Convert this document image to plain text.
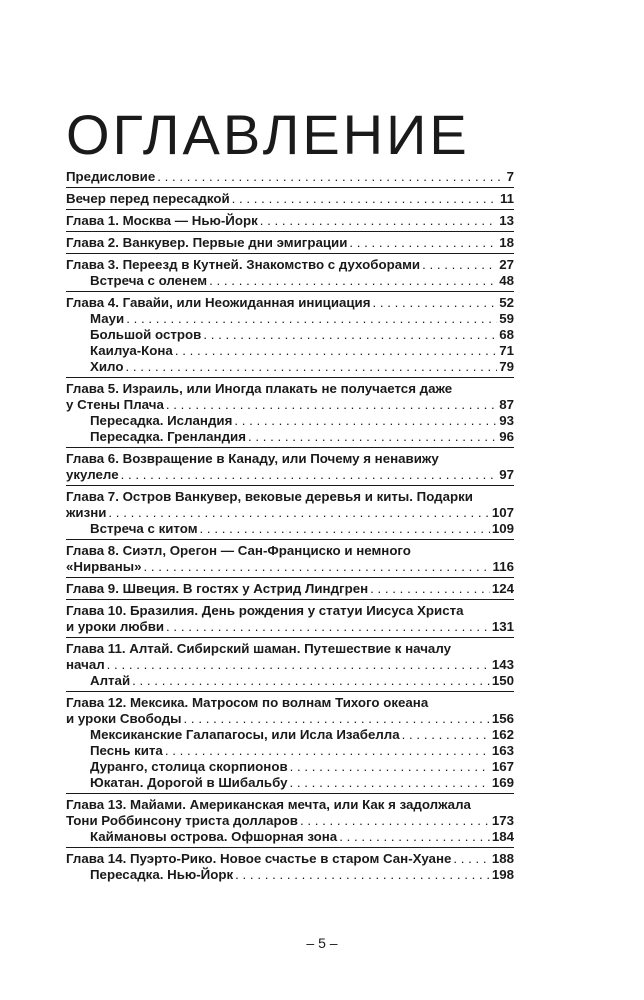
ОГЛАВЛЕНИЕ
Предисловие . . .	7
Вечер перед пересадкой . . .	11
Глава 1. Москва — Нью-Йорк . . .	13
Глава 2. Ванкувер. Первые дни эмиграции . . .	18
Глава 3. Переезд в Кутней. Знакомство с духоборами . . .	27
Встреча с оленем . . .	48
Глава 4. Гавайи, или Неожиданная инициация . . .	52
Мауи . . .	59
Большой остров . . .	68
Каилуа-Кона . . .	71
Хило . . .	79
Глава 5. Израиль, или Иногда плакать не получается даже
у Стены Плача . . .	87
Пересадка. Исландия . . .	93
Пересадка. Гренландия . . .	96
Глава 6. Возвращение в Канаду, или Почему я ненавижу
укулеле . . .	97
Глава 7. Остров Ванкувер, вековые деревья и киты. Подарки
жизни . . .	107
Встреча с китом . . .	109
Глава 8. Сиэтл, Орегон — Сан-Франциско и немного
«Нирваны» . . .	116
Глава 9. Швеция. В гостях у Астрид Линдгрен . . .	124
Глава 10. Бразилия. День рождения у статуи Иисуса Христа
и уроки любви . . .	131
Глава 11. Алтай. Сибирский шаман. Путешествие к началу
начал . . .	143
Алтай . . .	150
Глава 12. Мексика. Матросом по волнам Тихого океана
и уроки Свободы . . .	156
Мексиканские Галапагосы, или Исла Изабелла . . .	162
Песнь кита . . .	163
Дуранго, столица скорпионов . . .	167
Юкатан. Дорогой в Шибальбу . . .	169
Глава 13. Майами. Американская мечта, или Как я задолжала
Тони Роббинсону триста долларов . . .	173
Каймановы острова. Офшорная зона . . .	184
Глава 14. Пуэрто-Рико. Новое счастье в старом Сан-Хуане . . .	188
Пересадка. Нью-Йорк . . .	198
– 5 –
